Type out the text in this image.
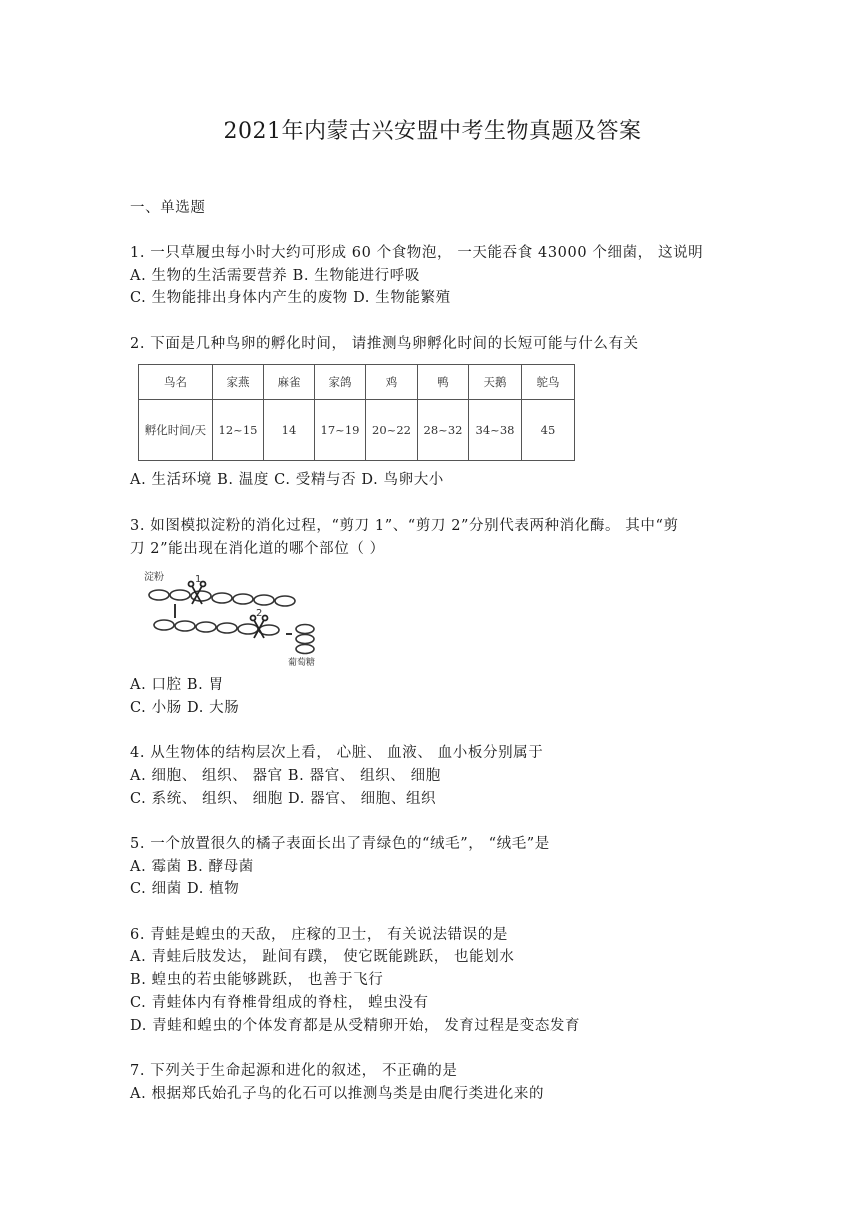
2021年内蒙古兴安盟中考生物真题及答案
一、单选题
1. 一只草履虫每小时大约可形成 60 个食物泡， 一天能吞食 43000 个细菌， 这说明
A. 生物的生活需要营养 B. 生物能进行呼吸
C. 生物能排出身体内产生的废物 D. 生物能繁殖
2. 下面是几种鸟卵的孵化时间， 请推测鸟卵孵化时间的长短可能与什么有关
鸟名	家燕	麻雀	家鸽	鸡	鸭	天鹅	鸵鸟
孵化时间/天	12~15	14	17~19	20~22	28~32	34~38	45
A. 生活环境 B. 温度 C. 受精与否 D. 鸟卵大小
3. 如图模拟淀粉的消化过程，“剪刀 1”、“剪刀 2”分别代表两种消化酶。 其中“剪
刀 2”能出现在消化道的哪个部位（ ）
淀粉	1
2
葡萄糖
A. 口腔 B. 胃
C. 小肠 D. 大肠
4. 从生物体的结构层次上看， 心脏、 血液、 血小板分别属于
A. 细胞、 组织、 器官 B. 器官、 组织、 细胞
C. 系统、 组织、 细胞 D. 器官、 细胞、组织
5. 一个放置很久的橘子表面长出了青绿色的“绒毛”， “绒毛”是
A. 霉菌 B. 酵母菌
C. 细菌 D. 植物
6. 青蛙是蝗虫的天敌， 庄稼的卫士， 有关说法错误的是
A. 青蛙后肢发达， 趾间有蹼， 使它既能跳跃， 也能划水
B. 蝗虫的若虫能够跳跃， 也善于飞行
C. 青蛙体内有脊椎骨组成的脊柱， 蝗虫没有
D. 青蛙和蝗虫的个体发育都是从受精卵开始， 发育过程是变态发育
7. 下列关于生命起源和进化的叙述， 不正确的是
A. 根据郑氏始孔子鸟的化石可以推测鸟类是由爬行类进化来的
